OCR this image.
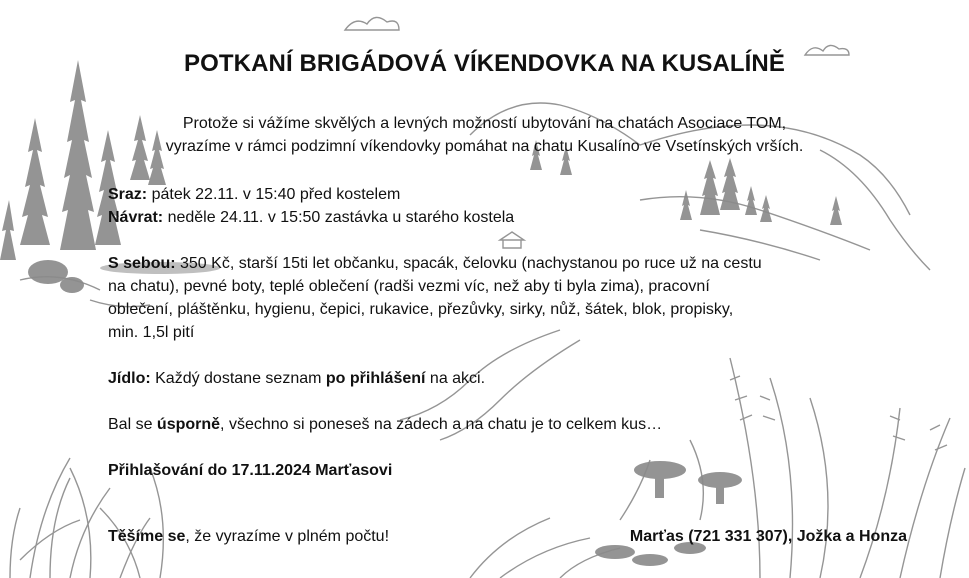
POTKANÍ BRIGÁDOVÁ VÍKENDOVKA NA KUSALÍNĚ
Protože si vážíme skvělých a levných možností ubytování na chatách Asociace TOM,
vyrazíme v rámci podzimní víkendovky pomáhat na chatu Kusalíno ve Vsetínských vrších.

Sraz: pátek 22.11. v 15:40 před kostelem

Návrat: neděle 24.11. v 15:50 zastávka u starého kostela

S sebou: 350 Kč, starší 15ti let občanku, spacák, čelovku (nachystanou po ruce už na cestu

na chatu), pevné boty, teplé oblečení (radši vezmi víc, než aby ti byla zima), pracovní

oblečení, pláštěnku, hygienu, čepici, rukavice, přezůvky, sirky, nůž, šátek, blok, propisky,

min. 1,5l pití

Jídlo: Každý dostane seznam po přihlášení na akci.

Bal se úsporně, všechno si poneseš na zádech a na chatu je to celkem kus…

Přihlašování do 17.11.2024 Marťasovi

Těšíme se, že vyrazíme v plném počtu!	Marťas (721 331 307), Jožka a Honza
